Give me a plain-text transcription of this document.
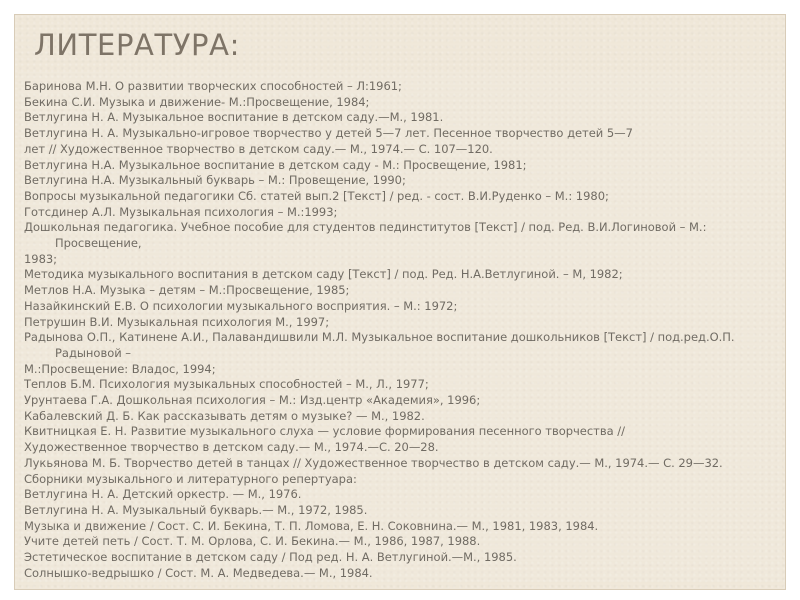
ЛИТЕРАТУРА:

Баринова М.Н. О развитии творческих способностей – Л:1961;

Бекина С.И. Музыка и движение- М.:Просвещение, 1984;

Ветлугина Н. А. Музыкальное воспитание в детском саду.—М., 1981.

Ветлугина Н. А. Музыкально-игровое творчество у детей 5—7 лет. Песенное творчество детей 5—7

лет // Художественное творчество в детском саду.— М., 1974.— С. 107—120.

Ветлугина Н.А. Музыкальное воспитание в детском саду - М.: Просвещение, 1981;

Ветлугина Н.А. Музыкальный букварь – М.: Провещение, 1990;

Вопросы музыкальной педагогики Сб. статей вып.2 [Текст] / ред. - сост. В.И.Руденко – М.: 1980;

Готсдинер А.Л. Музыкальная психология – М.:1993;

Дошкольная педагогика. Учебное пособие для студентов пединститутов [Текст] / под. Ред. В.И.Логиновой – М.:

Просвещение,

1983;

Методика музыкального воспитания в детском саду [Текст] / под. Ред. Н.А.Ветлугиной. – М, 1982;

Метлов Н.А. Музыка – детям – М.:Просвещение, 1985;

Назайкинский Е.В. О психологии музыкального восприятия. – М.: 1972;

Петрушин В.И. Музыкальная психология М., 1997;

Радынова О.П., Катинене А.И., Палавандишвили М.Л. Музыкальное воспитание дошкольников [Текст] / под.ред.О.П.

Радыновой –

М.:Просвещение: Владос, 1994;

Теплов Б.М. Психология музыкальных способностей – М., Л., 1977;

Урунтаева Г.А. Дошкольная психология – М.: Изд.центр «Академия», 1996;

Кабалевский Д. Б. Как рассказывать детям о музыке? — М., 1982.

Квитницкая Е. Н. Развитие музыкального слуха — условие формирования песенного творчества //

Художественное творчество в детском саду.— М., 1974.—С. 20—28.

Лукьянова М. Б. Творчество детей в танцах // Художественное творчество в детском саду.— М., 1974.— С. 29—32.

Сборники музыкального и литературного репертуара:

Ветлугина Н. А. Детский оркестр. — М., 1976.

Ветлугина Н. А. Музыкальный букварь.— М., 1972, 1985.

Музыка и движение / Сост. С. И. Бекина, Т. П. Ломова, Е. Н. Соковнина.— М., 1981, 1983, 1984.

Учите детей петь / Сост. Т. М. Орлова, С. И. Бекина.— М., 1986, 1987, 1988.

Эстетическое воспитание в детском саду / Под ред. Н. А. Ветлугиной.—М., 1985.

Солнышко-ведрышко / Сост. М. А. Медведева.— М., 1984.
